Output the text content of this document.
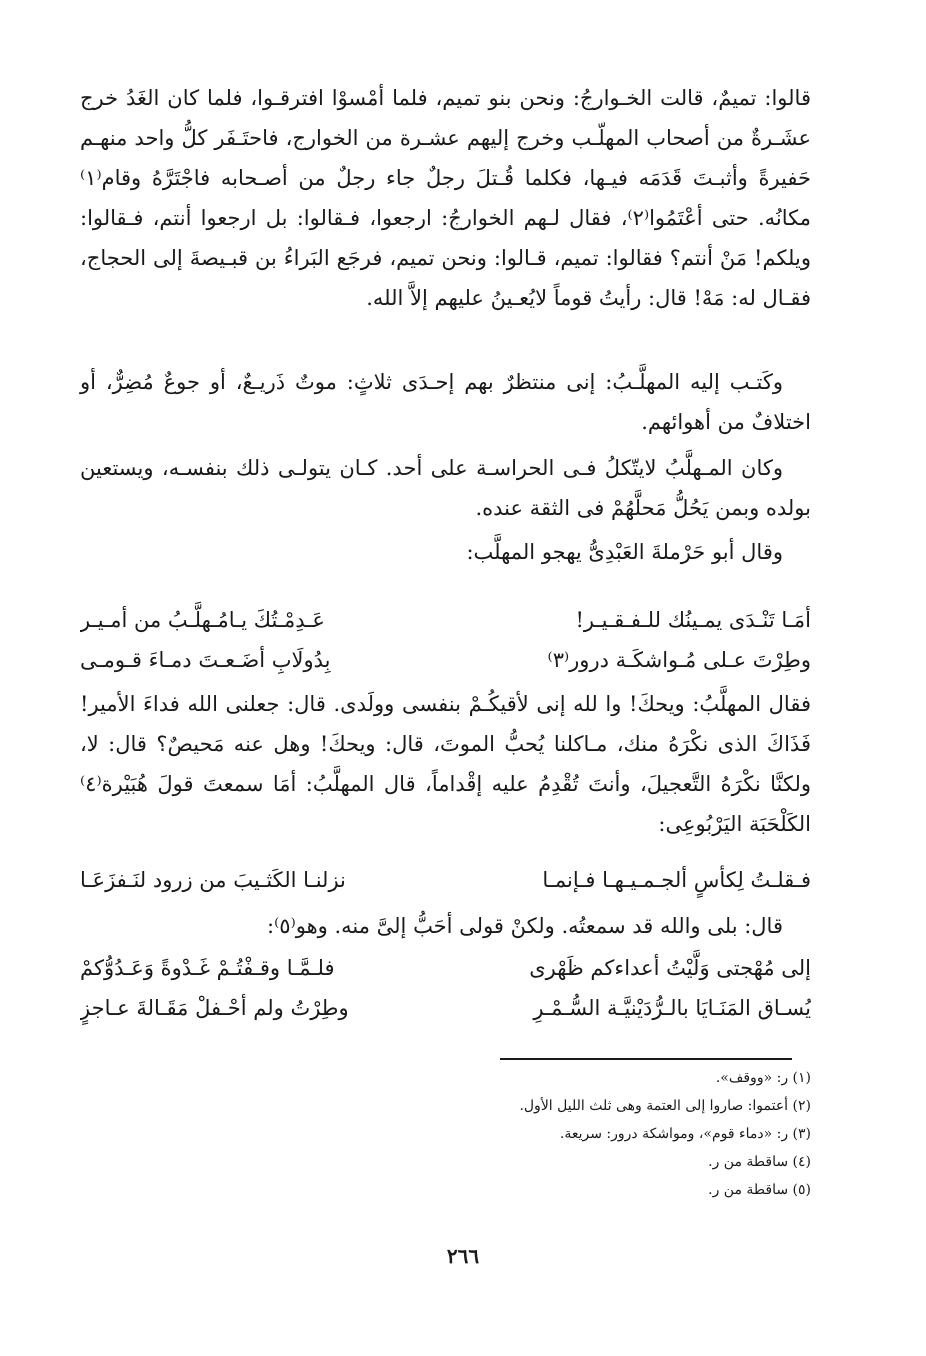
قالوا: تميمٌ، قالت الخـوارجُ: ونحن بنو تميم، فلما أمْسوْا افترقـوا، فلما كان الغَدُ خرج عشَـرةٌ من أصحاب المهلّـب وخرج إليهم عشـرة من الخوارج، فاحتَـفَر كلُّ واحد منهـم حَفيرةً وأثبـتَ قَدَمَه فيـها، فكلما قُـتلَ رجلٌ جاء رجلٌ من أصـحابه فاجْتَرَّهُ وقام⁽١⁾ مكانُه. حتى أعْتَمُوا⁽٢⁾، فقال لـهم الخوارجُ: ارجعوا، فـقالوا: بل ارجعوا أنتم، فـقالوا: ويلكم! مَنْ أنتم؟ فقالوا: تميم، قـالوا: ونحن تميم، فرجَع البَراءُ بن قبـيصةَ إلى الحجاج، فقـال له: مَهْ! قال: رأيتُ قوماً لايُعـينُ عليهم إلاَّ الله.

وكَتـب إليه المهلَّـبُ: إنى منتظرٌ بهم إحـدَى ثلاثٍ: موتٌ ذَريـعٌ، أو جوعٌ مُضِرٌّ، أو اختلافٌ من أهوائهم.

وكان المـهلَّبُ لايتّكلُ فـى الحراسـة على أحد. كـان يتولـى ذلك بنفسـه، ويستعين بولده وبمن يَحُلُّ مَحلَّهُمْ فى الثقة عنده.

وقال أبو حَرْملةَ العَبْدِىُّ يهجو المهلَّب:

أمَـا تَنْـدَى يمـينُك للـفـقـيـر!
عَـدِمْـتُكَ يـامُـهلَّـبُ من أمـيـر
وطِرْتَ عـلى مُـواشكَـة درور⁽٣⁾
بِدُولَابِ أضَـعـتَ دمـاءَ قـومـى

فقال المهلَّبُ: ويحكَ! وا لله إنى لأقيكُـمْ بنفسى وولَدى. قال: جعلنى الله فداءَ الأمير! فَذَاكَ الذى نكْرَهُ منك، مـاكلنا يُحبُّ الموتَ، قال: ويحكَ! وهل عنه مَحيصٌ؟ قال: لا، ولكنَّا نكْرَهُ التَّعجيلَ، وأنتَ تُقْدِمُ عليه إقْداماً، قال المهلَّبُ: أمَا سمعتَ قولَ هُبَيْرة⁽٤⁾ الكَلْحَبَة اليَرْبُوعِى:

فـقلـتُ لِكأسٍ ألجـمـيـهـا فـإنمـا
نزلنـا الكَثـيبَ من زرود لنَـفزَعَـا

قال: بلى والله قد سمعتُه. ولكنْ قولى أحَبُّ إلىَّ منه. وهو⁽٥⁾:

إلى مُهْجتى وَلَّيْتُ أعداءكم ظَهْرى
فلـمَّـا وقـفْتُـمْ غَـدْوةً وَعَـدُوُّكمْ
يُسـاق المَنَـايَا بالـرُّدَيْنيَّـة السُّـمْـرِ
وطِرْتُ ولم أحْـفلْ مَقَـالةَ عـاجزٍ

(١) ر: «ووقف».

(٢) أعتموا: صاروا إلى العتمة وهى ثلث الليل الأول.

(٣) ر: «دماء قوم»، ومواشكة درور: سريعة.

(٤) ساقطة من ر.

(٥) ساقطة من ر.

٢٦٦
